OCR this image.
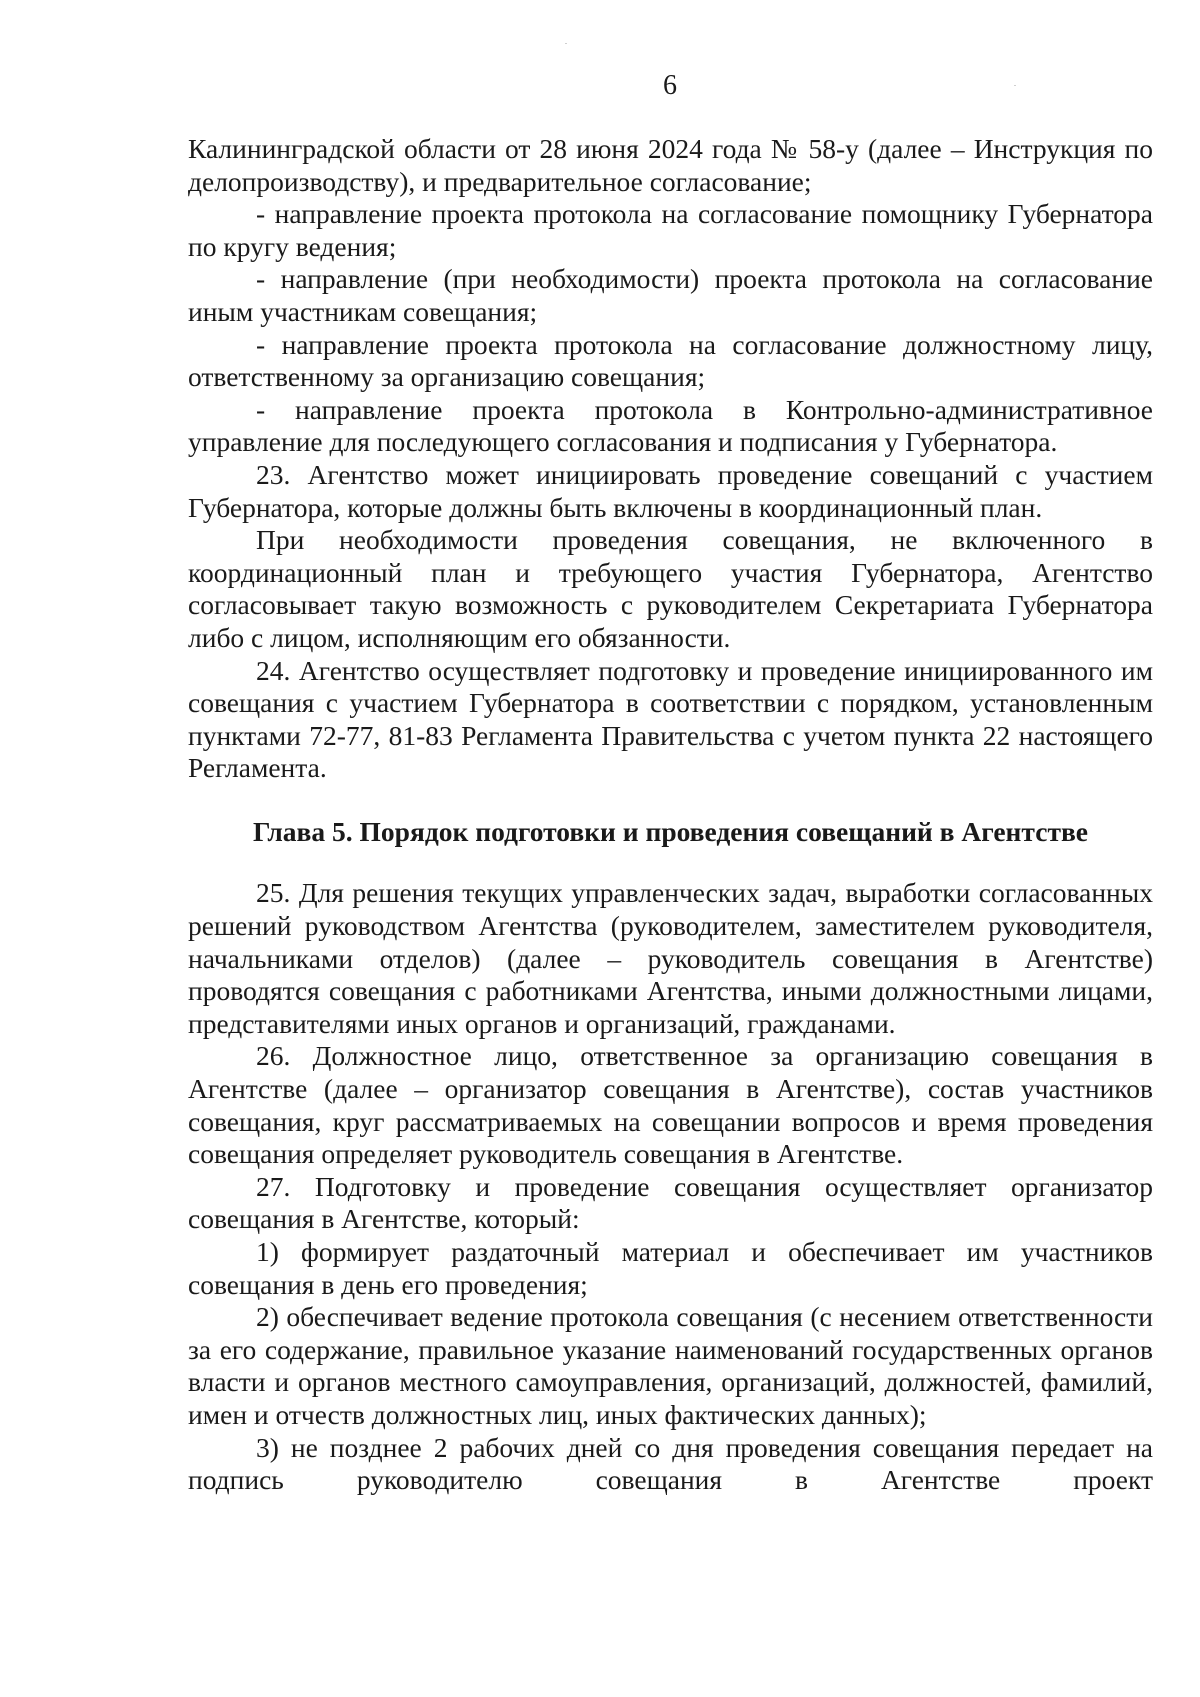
6

Калининградской области от 28 июня 2024 года № 58-у (далее – Инструкция по делопроизводству), и предварительное согласование;

- направление проекта протокола на согласование помощнику Губернатора по кругу ведения;

- направление (при необходимости) проекта протокола на согласование иным участникам совещания;

- направление проекта протокола на согласование должностному лицу, ответственному за организацию совещания;

- направление проекта протокола в Контрольно-административное управление для последующего согласования и подписания у Губернатора.

23. Агентство может инициировать проведение совещаний с участием Губернатора, которые должны быть включены в координационный план.

При необходимости проведения совещания, не включенного в координационный план и требующего участия Губернатора, Агентство согласовывает такую возможность с руководителем Секретариата Губернатора либо с лицом, исполняющим его обязанности.

24. Агентство осуществляет подготовку и проведение инициированного им совещания с участием Губернатора в соответствии с порядком, установленным пунктами 72-77, 81-83 Регламента Правительства с учетом пункта 22 настоящего Регламента.

Глава 5. Порядок подготовки и проведения совещаний в Агентстве

25. Для решения текущих управленческих задач, выработки согласованных решений руководством Агентства (руководителем, заместителем руководителя, начальниками отделов) (далее – руководитель совещания в Агентстве) проводятся совещания с работниками Агентства, иными должностными лицами, представителями иных органов и организаций, гражданами.

26. Должностное лицо, ответственное за организацию совещания в Агентстве (далее – организатор совещания в Агентстве), состав участников совещания, круг рассматриваемых на совещании вопросов и время проведения совещания определяет руководитель совещания в Агентстве.

27. Подготовку и проведение совещания осуществляет организатор совещания в Агентстве, который:

1) формирует раздаточный материал и обеспечивает им участников совещания в день его проведения;

2) обеспечивает ведение протокола совещания (с несением ответственности за его содержание, правильное указание наименований государственных органов власти и органов местного самоуправления, организаций, должностей, фамилий, имен и отчеств должностных лиц, иных фактических данных);

3) не позднее 2 рабочих дней со дня проведения совещания передает на подпись руководителю совещания в Агентстве проект
